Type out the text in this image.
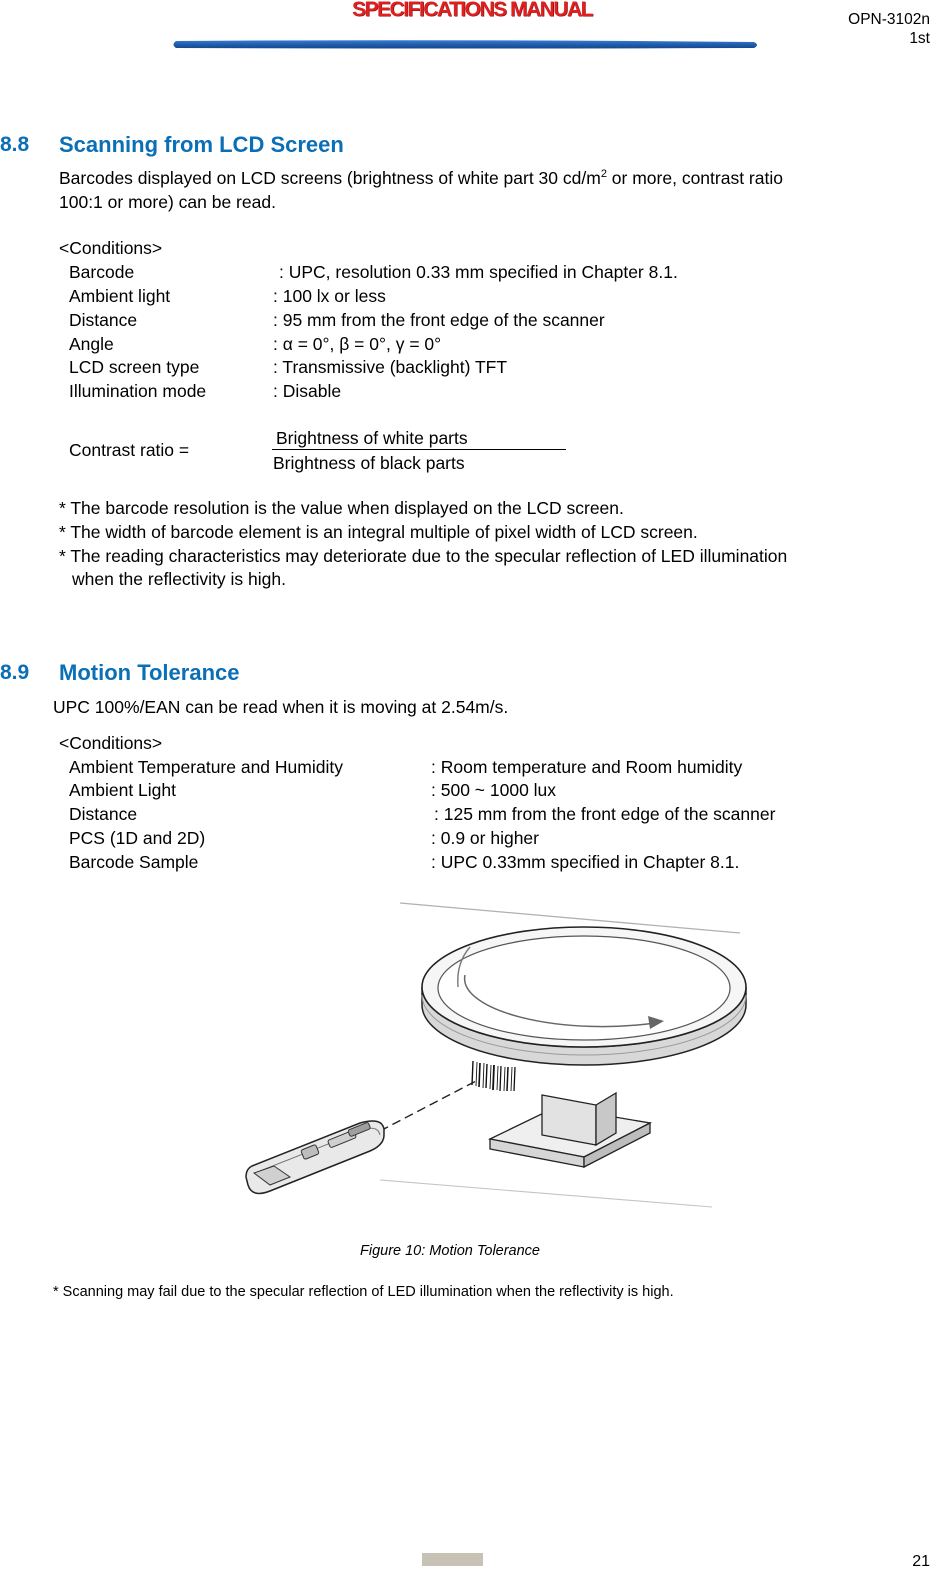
SPECIFICATIONS MANUAL	OPN-3102n
1st
8.8 Scanning from LCD Screen
Barcodes displayed on LCD screens (brightness of white part 30 $cd/m^2$ or more, contrast ratio
100:1 or more) can be read.
<Conditions>
Barcode	: UPC, resolution 0.33 mm specified in Chapter 8.1.
Ambient light	: 100 lx or less
Distance	: 95 mm from the front edge of the scanner
Angle	: α = 0°, β = 0°, γ = 0°
LCD screen type	: Transmissive (backlight) TFT
Illumination mode	: Disable
Contrast ratio =
Brightness of white parts
Brightness of black parts
* The barcode resolution is the value when displayed on the LCD screen.
* The width of barcode element is an integral multiple of pixel width of LCD screen.
* The reading characteristics may deteriorate due to the specular reflection of LED illumination
when the reflectivity is high.
8.9 Motion Tolerance
UPC 100%/EAN can be read when it is moving at 2.54m/s.
<Conditions>
Ambient Temperature and Humidity	: Room temperature and Room humidity
Ambient Light	: 500 ~ 1000 lux
Distance	: 125 mm from the front edge of the scanner
PCS (1D and 2D)	: 0.9 or higher
Barcode Sample	: UPC 0.33mm specified in Chapter 8.1.
Figure 10: Motion Tolerance
* Scanning may fail due to the specular reflection of LED illumination when the reflectivity is high.
21
